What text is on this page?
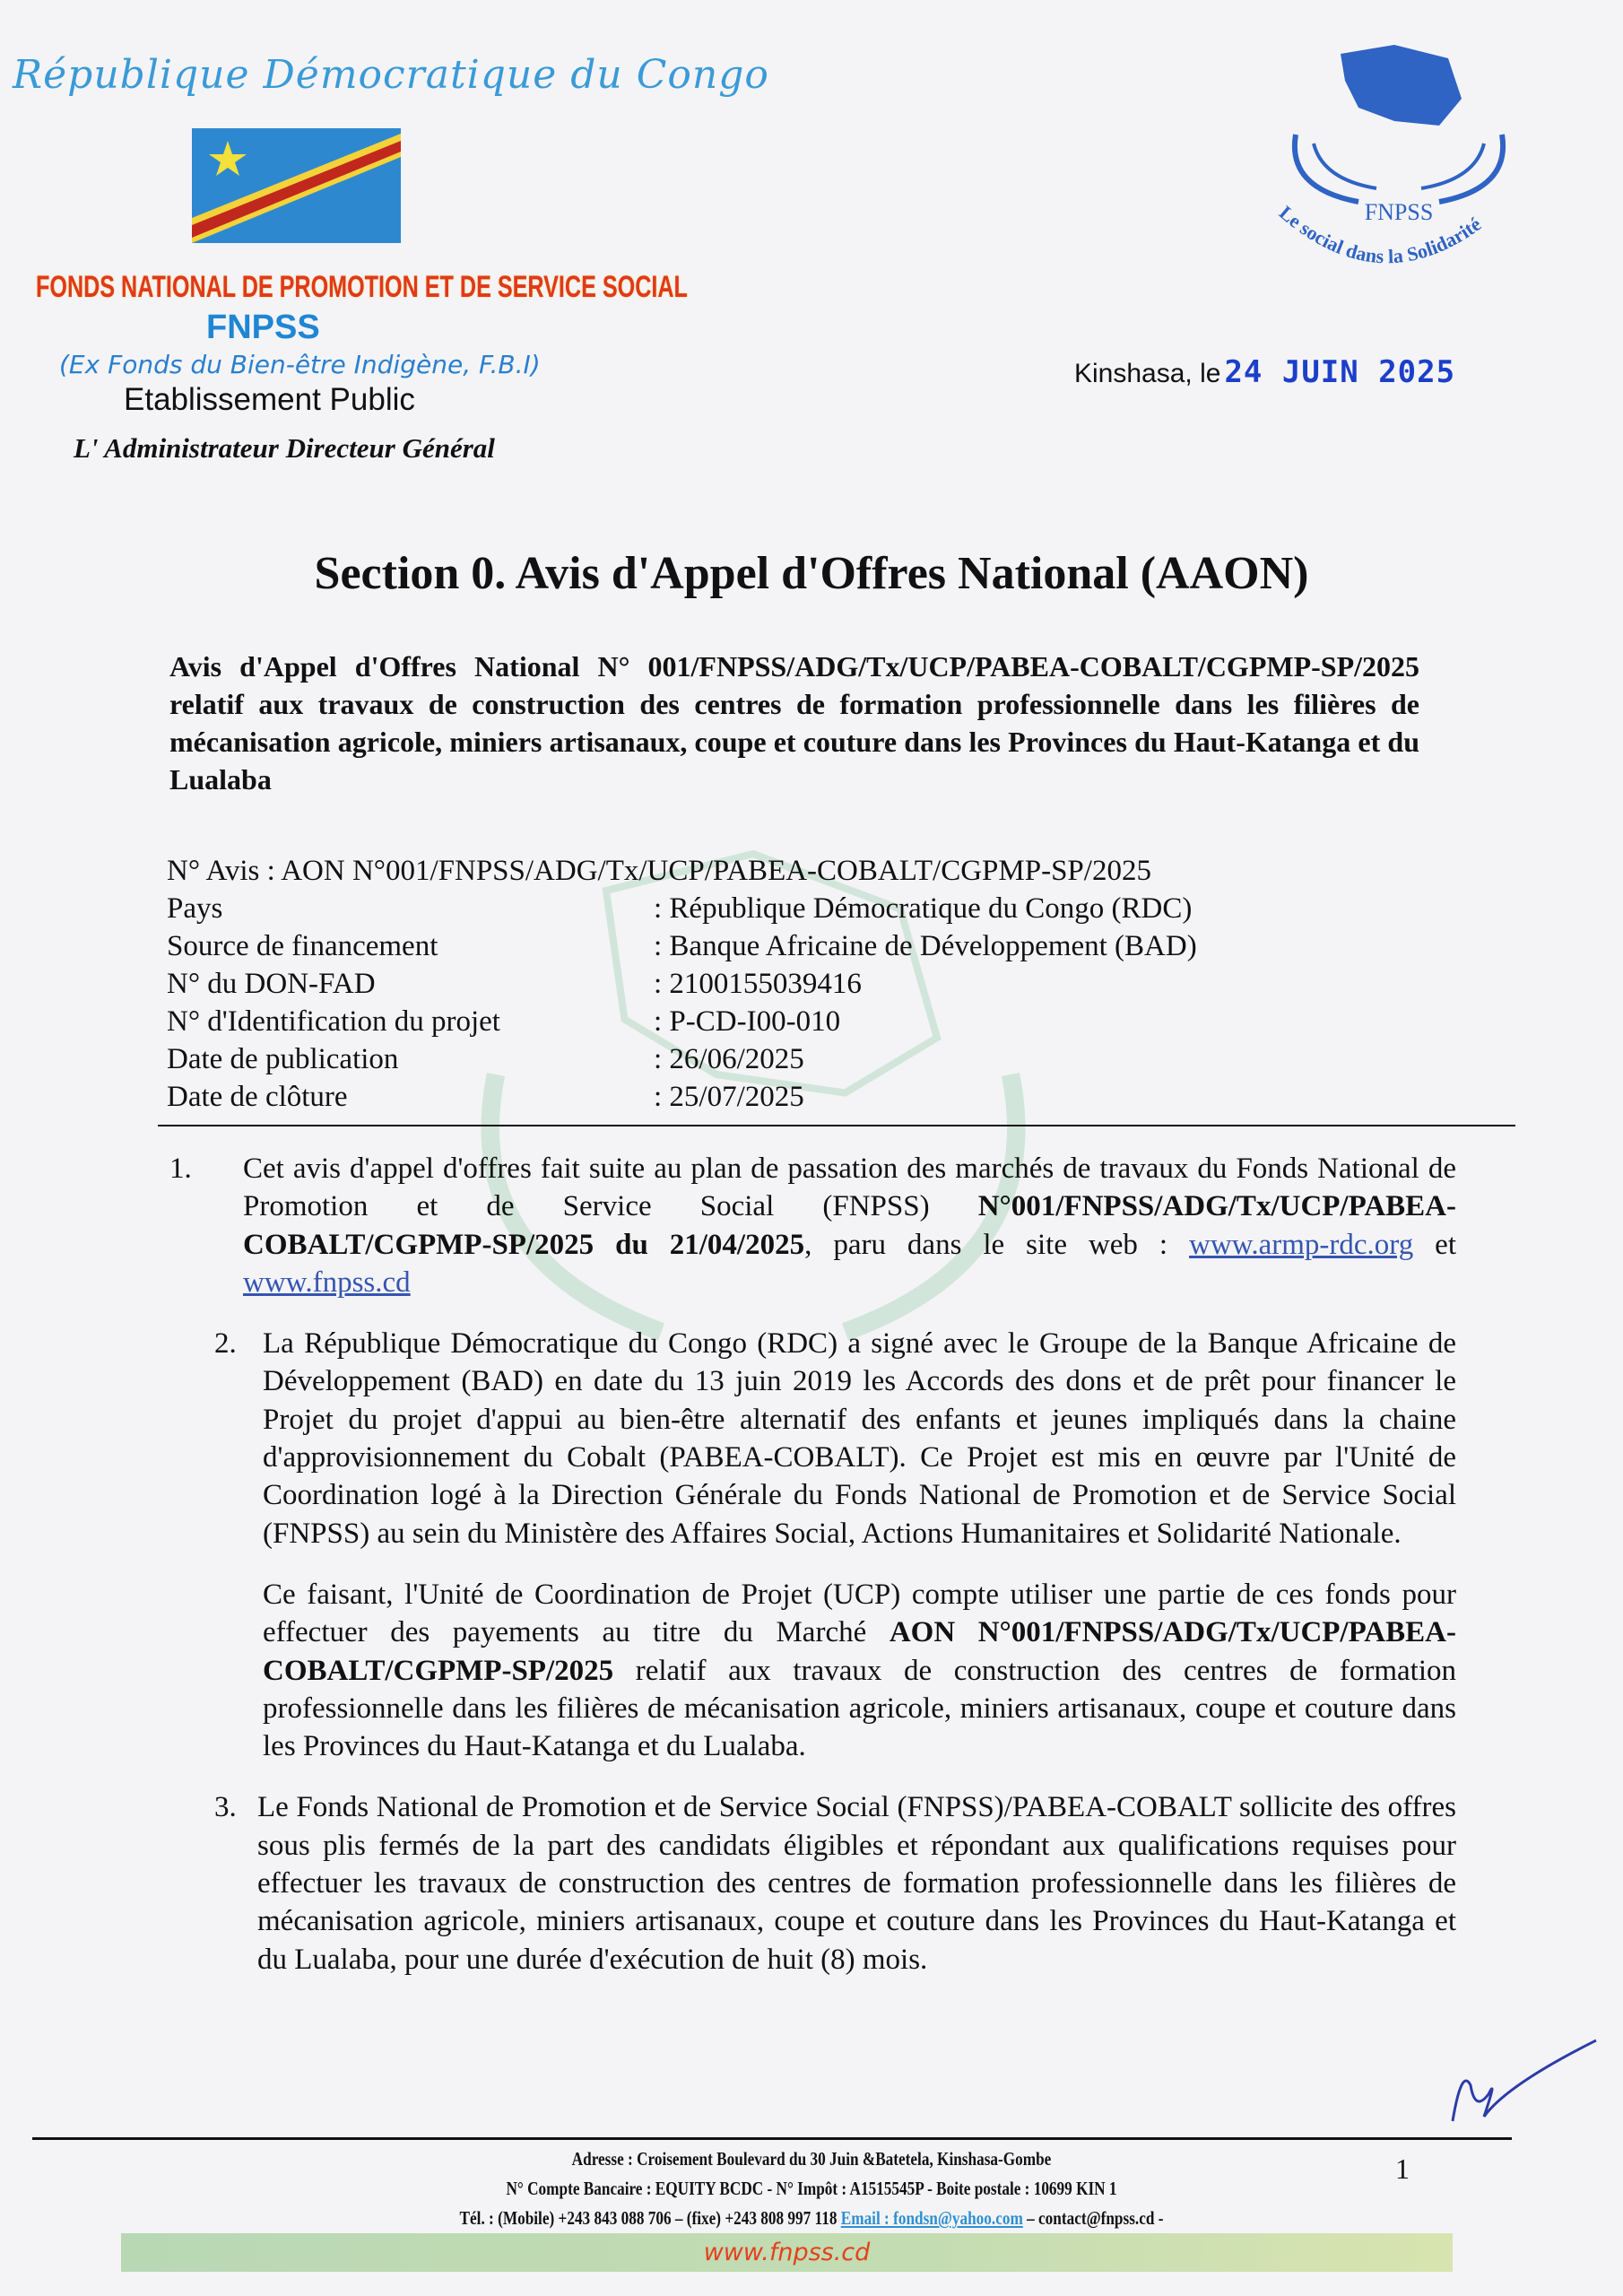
République Démocratique du Congo
FONDS NATIONAL DE PROMOTION ET DE SERVICE SOCIAL
FNPSS
(Ex Fonds du Bien-être Indigène, F.B.I)
Etablissement Public
L' Administrateur Directeur Général
FNPSS
Le social dans la Solidarité
Kinshasa, le 24 JUIN 2025
Section 0. Avis d'Appel d'Offres National (AAON)
Avis d'Appel d'Offres National N° 001/FNPSS/ADG/Tx/UCP/PABEA-COBALT/CGPMP-SP/2025 relatif aux travaux de construction des centres de formation professionnelle dans les filières de mécanisation agricole, miniers artisanaux, coupe et couture dans les Provinces du Haut-Katanga et du Lualaba
N° Avis : AON N°001/FNPSS/ADG/Tx/UCP/PABEA-COBALT/CGPMP-SP/2025
Pays	: République Démocratique du Congo (RDC)
Source de financement	: Banque Africaine de Développement (BAD)
N° du DON-FAD	: 2100155039416
N° d'Identification du projet	: P-CD-I00-010
Date de publication	: 26/06/2025
Date de clôture	: 25/07/2025
1.	Cet avis d'appel d'offres fait suite au plan de passation des marchés de travaux du Fonds National de Promotion et de Service Social (FNPSS) N°001/FNPSS/ADG/Tx/UCP/PABEA-COBALT/CGPMP-SP/2025 du 21/04/2025, paru dans le site web : www.armp-rdc.org et www.fnpss.cd
2. La République Démocratique du Congo (RDC) a signé avec le Groupe de la Banque Africaine de Développement (BAD) en date du 13 juin 2019 les Accords des dons et de prêt pour financer le Projet du projet d'appui au bien-être alternatif des enfants et jeunes impliqués dans la chaine d'approvisionnement du Cobalt (PABEA-COBALT). Ce Projet est mis en œuvre par l'Unité de Coordination logé à la Direction Générale du Fonds National de Promotion et de Service Social (FNPSS) au sein du Ministère des Affaires Social, Actions Humanitaires et Solidarité Nationale.
Ce faisant, l'Unité de Coordination de Projet (UCP) compte utiliser une partie de ces fonds pour effectuer des payements au titre du Marché AON N°001/FNPSS/ADG/Tx/UCP/PABEA-COBALT/CGPMP-SP/2025 relatif aux travaux de construction des centres de formation professionnelle dans les filières de mécanisation agricole, miniers artisanaux, coupe et couture dans les Provinces du Haut-Katanga et du Lualaba.
3. Le Fonds National de Promotion et de Service Social (FNPSS)/PABEA-COBALT sollicite des offres sous plis fermés de la part des candidats éligibles et répondant aux qualifications requises pour effectuer les travaux de construction des centres de formation professionnelle dans les filières de mécanisation agricole, miniers artisanaux, coupe et couture dans les Provinces du Haut-Katanga et du Lualaba, pour une durée d'exécution de huit (8) mois.
Adresse : Croisement Boulevard du 30 Juin &Batetela, Kinshasa-Gombe
N° Compte Bancaire : EQUITY BCDC - N° Impôt : A1515545P - Boite postale : 10699 KIN 1
Tél. : (Mobile) +243 843 088 706 – (fixe) +243 808 997 118 Email : fondsn@yahoo.com – contact@fnpss.cd -
1
www.fnpss.cd
